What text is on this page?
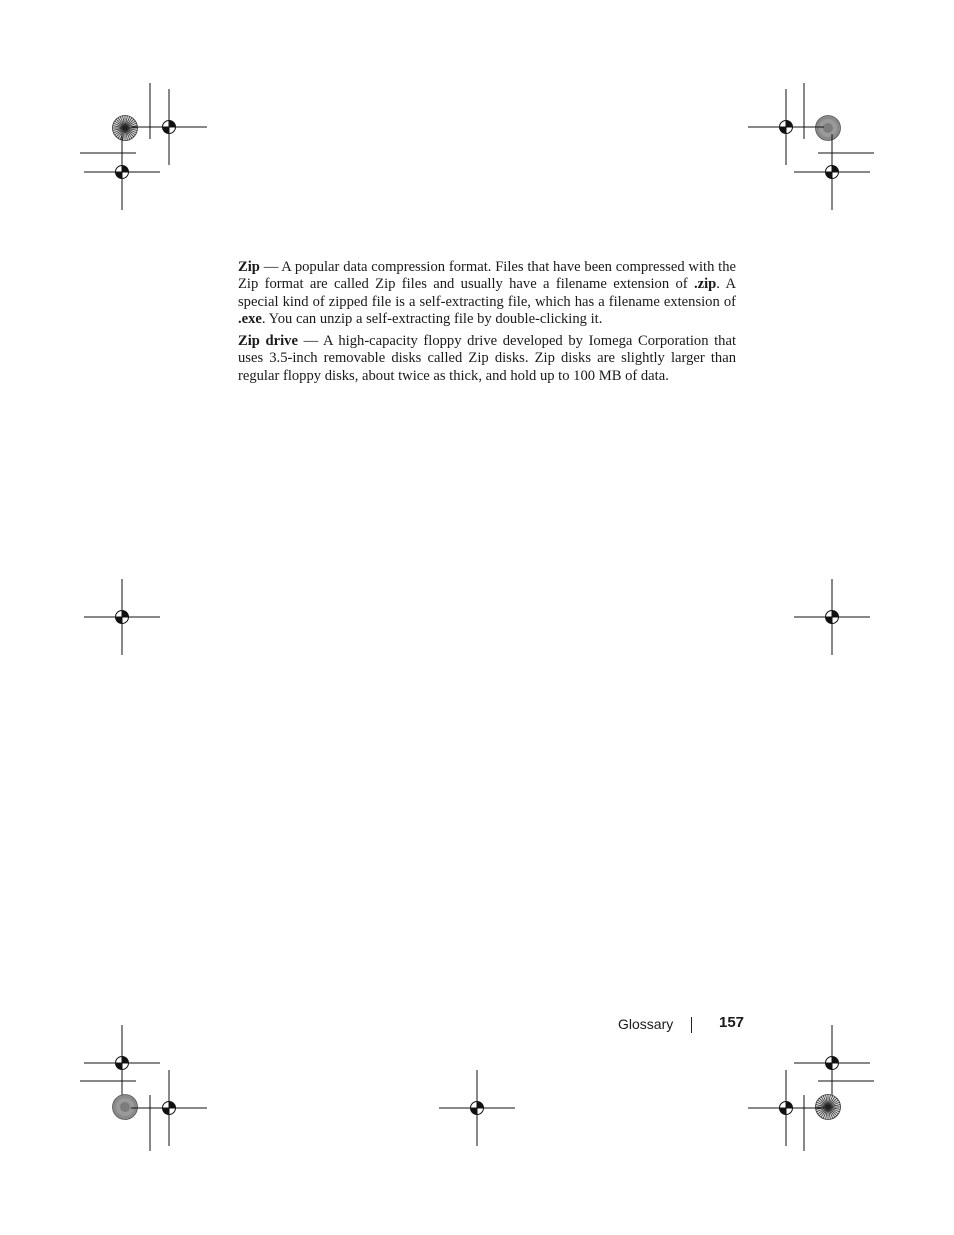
Zip — A popular data compression format. Files that have been compressed with the Zip format are called Zip files and usually have a filename extension of .zip. A special kind of zipped file is a self-extracting file, which has a filename extension of .exe. You can unzip a self-extracting file by double-clicking it.

Zip drive — A high-capacity floppy drive developed by Iomega Corporation that uses 3.5-inch removable disks called Zip disks. Zip disks are slightly larger than regular floppy disks, about twice as thick, and hold up to 100 MB of data.

Glossary	157
